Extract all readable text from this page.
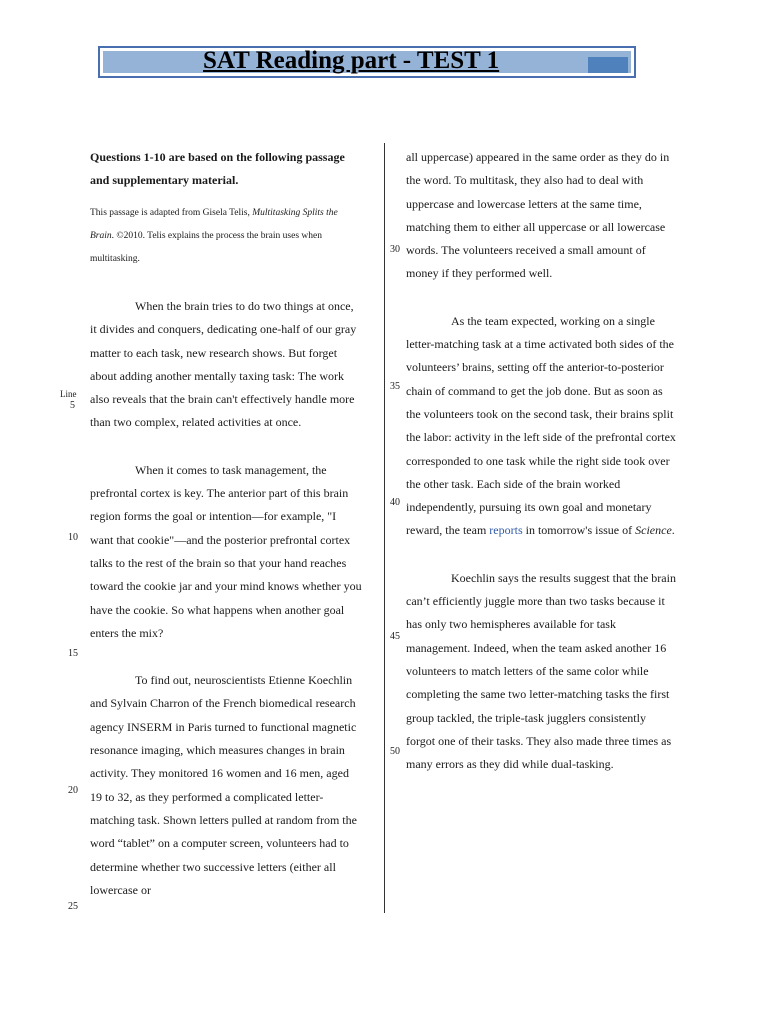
SAT Reading part - TEST 1
Line
5
10
15
20
25
30
35
40
45
50
Questions 1-10 are based on the following passage and supplementary material.
This passage is adapted from Gisela Telis, Multitasking Splits the Brain. ©2010. Telis explains the process the brain uses when multitasking.
When the brain tries to do two things at once, it divides and conquers, dedicating one-half of our gray matter to each task, new research shows. But forget about adding another mentally taxing task: The work also reveals that the brain can't effectively handle more than two complex, related activities at once.
When it comes to task management, the prefrontal cortex is key. The anterior part of this brain region forms the goal or intention—for example, "I want that cookie"—and the posterior prefrontal cortex talks to the rest of the brain so that your hand reaches toward the cookie jar and your mind knows whether you have the cookie. So what happens when another goal enters the mix?
To find out, neuroscientists Etienne Koechlin and Sylvain Charron of the French biomedical research agency INSERM in Paris turned to functional magnetic resonance imaging, which measures changes in brain activity. They monitored 16 women and 16 men, aged 19 to 32, as they performed a complicated letter-matching task. Shown letters pulled at random from the word “tablet” on a computer screen, volunteers had to determine whether two successive letters (either all lowercase or
all uppercase) appeared in the same order as they do in the word. To multitask, they also had to deal with uppercase and lowercase letters at the same time, matching them to either all uppercase or all lowercase words. The volunteers received a small amount of money if they performed well.
As the team expected, working on a single letter-matching task at a time activated both sides of the volunteers’ brains, setting off the anterior-to-posterior chain of command to get the job done. But as soon as the volunteers took on the second task, their brains split the labor: activity in the left side of the prefrontal cortex corresponded to one task while the right side took over the other task. Each side of the brain worked independently, pursuing its own goal and monetary reward, the team reports in tomorrow's issue of Science.
Koechlin says the results suggest that the brain can’t efficiently juggle more than two tasks because it has only two hemispheres available for task management. Indeed, when the team asked another 16 volunteers to match letters of the same color while completing the same two letter-matching tasks the first group tackled, the triple-task jugglers consistently forgot one of their tasks. They also made three times as many errors as they did while dual-tasking.
